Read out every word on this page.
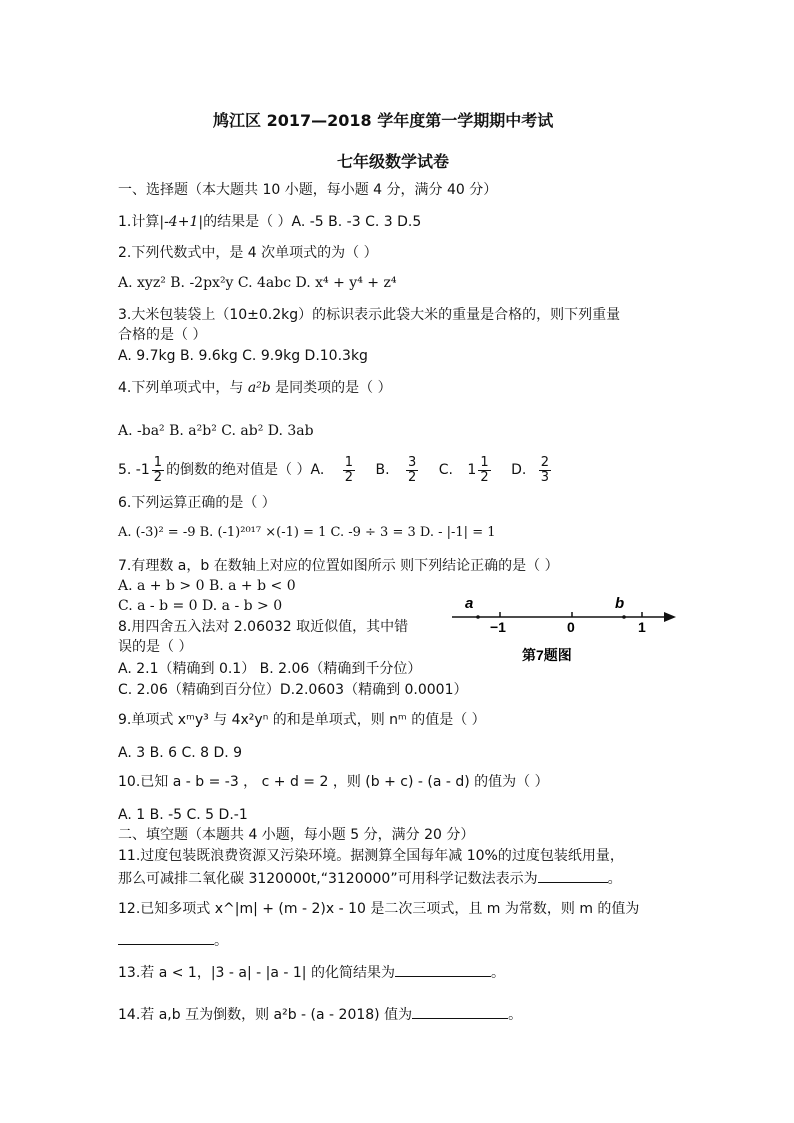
鸠江区 2017—2018 学年度第一学期期中考试
七年级数学试卷
一、选择题（本大题共 10 小题，每小题 4 分，满分 40 分）
1.计算|-4+1|的结果是（ ）A. -5 B. -3 C. 3 D.5
2.下列代数式中，是 4 次单项式的为（ ）
A. xyz² B. -2px²y C. 4abc D. x⁴ + y⁴ + z⁴
3.大米包装袋上（10±0.2kg）的标识表示此袋大米的重量是合格的，则下列重量
合格的是（ ）
A. 9.7kg B. 9.6kg C. 9.9kg D.10.3kg
4.下列单项式中，与 a²b 是同类项的是（ ）
A. -ba² B. a²b² C. ab² D. 3ab
5. $-1 \frac{1}{2}$ 的倒数的绝对值是（ ）A. $\frac{1}{2} B$. $\frac{3}{2} C$. $1 \frac{1}{2} D$. $\frac{2}{3}$
6.下列运算正确的是（ ）
A. (-3)² = -9 B. (-1)²⁰¹⁷ ×(-1) = 1 C. -9 ÷ 3 = 3 D. - |-1| = 1
7.有理数 a，b 在数轴上对应的位置如图所示 则下列结论正确的是（ ）
A. a + b > 0 B. a + b < 0
C. a - b = 0 D. a - b > 0	a	b
−1	0	1
第7题图
8.用四舍五入法对 2.06032 取近似值，其中错
误的是（ ）
A. 2.1（精确到 0.1） B. 2.06（精确到千分位）
C. 2.06（精确到百分位）D.2.0603（精确到 0.0001）
9.单项式 xᵐy³ 与 4x²yⁿ 的和是单项式，则 nᵐ 的值是（ ）
A. 3 B. 6 C. 8 D. 9
10.已知 a - b = -3 ， c + d = 2 ，则 (b + c) - (a - d) 的值为（ ）
A. 1 B. -5 C. 5 D.-1
二、填空题（本题共 4 小题，每小题 5 分，满分 20 分）
11.过度包装既浪费资源又污染环境。据测算全国每年减 10%的过度包装纸用量，
那么可减排二氧化碳 3120000t,“3120000”可用科学记数法表示为	。
12.已知多项式 x^|m| + (m - 2)x - 10 是二次三项式，且 m 为常数，则 m 的值为
。
13.若 a < 1，|3 - a| - |a - 1| 的化简结果为	。
14.若 a,b 互为倒数，则 a²b - (a - 2018) 值为	。
